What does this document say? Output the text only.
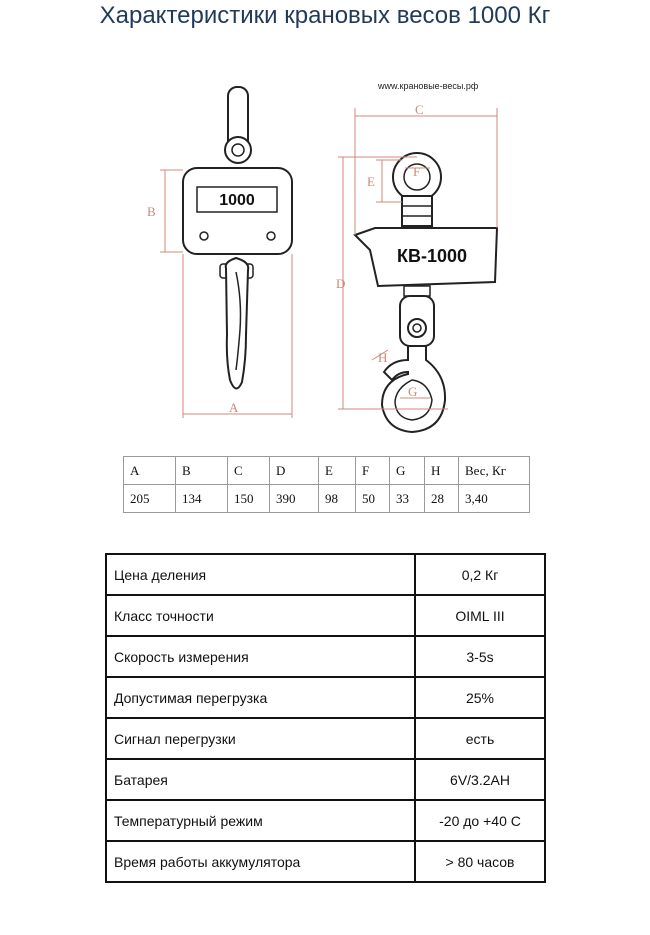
Характеристики крановых весов 1000 Кг
1000
B
A
www.крановые-весы.рф
КВ-1000
C
D
E
F
G
H
A	B	C	D	E	F	G	H	Вес, Кг
205	134	150	390	98	50	33	28	3,40
Цена деления	0,2 Кг
Класс точности	OIML III
Скорость измерения	3-5s
Допустимая перегрузка	25%
Сигнал перегрузки	есть
Батарея	6V/3.2AH
Температурный режим	-20 до +40 С
Время работы аккумулятора	> 80 часов
